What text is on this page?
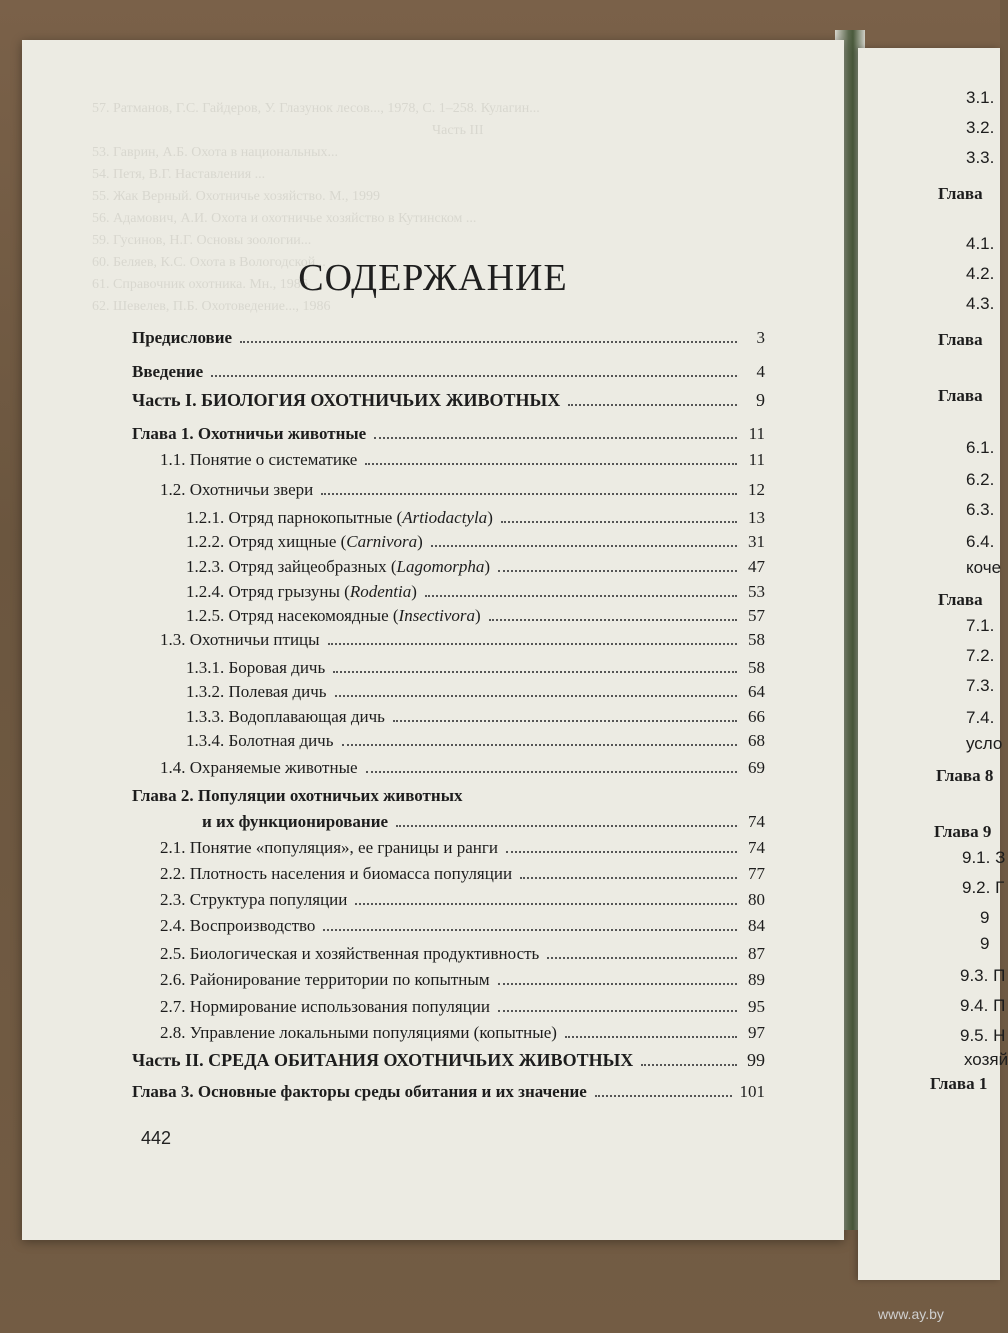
57. Ратманов, Г.С. Гайдеров, У. Глазунок лесов..., 1978, С. 1–258. Кулагин...
Часть III
53. Гаврин, А.Б. Охота в национальных...
54. Петя, В.Г. Наставления ...
55. Жак Верный. Охотничье хозяйство. М., 1999
56. Адамович, А.И. Охота и охотничье хозяйство в Кутинском ...
59. Гусинов, Н.Г. Основы зоологии...
60. Беляев, К.С. Охота в Вологодской...
61. Справочник охотника. Мн., 1986
62. Шевелев, П.Б. Охотоведение..., 1986
СОДЕРЖАНИЕ
Предисловие	3
Введение	4
Часть I. БИОЛОГИЯ ОХОТНИЧЬИХ ЖИВОТНЫХ	9
Глава 1. Охотничьи животные	11
1.1. Понятие о систематике	11
1.2. Охотничьи звери	12
1.2.1. Отряд парнокопытные (Artiodactyla)	13
1.2.2. Отряд хищные (Carnivora)	31
1.2.3. Отряд зайцеобразных (Lagomorpha)	47
1.2.4. Отряд грызуны (Rodentia)	53
1.2.5. Отряд насекомоядные (Insectivora)	57
1.3. Охотничьи птицы	58
1.3.1. Боровая дичь	58
1.3.2. Полевая дичь	64
1.3.3. Водоплавающая дичь	66
1.3.4. Болотная дичь	68
1.4. Охраняемые животные	69
Глава 2. Популяции охотничьих животных
и их функционирование	74
2.1. Понятие «популяция», ее границы и ранги	74
2.2. Плотность населения и биомасса популяции	77
2.3. Структура популяции	80
2.4. Воспроизводство	84
2.5. Биологическая и хозяйственная продуктивность	87
2.6. Районирование территории по копытным	89
2.7. Нормирование использования популяции	95
2.8. Управление локальными популяциями (копытные)	97
Часть II. СРЕДА ОБИТАНИЯ ОХОТНИЧЬИХ ЖИВОТНЫХ	99
Глава 3. Основные факторы среды обитания и их значение	101
442
3.1.
3.2.
3.3.
Глава
4.1.
4.2.
4.3.
Глава
Глава
6.1.
6.2.
6.3.
6.4.
коче
Глава
7.1.
7.2.
7.3.
7.4.
усло
Глава 8
Глава 9
9.1. З
9.2. Г
9
9
9.3. П
9.4. П
9.5. Н
хозяй
Глава 1
www.ay.by
